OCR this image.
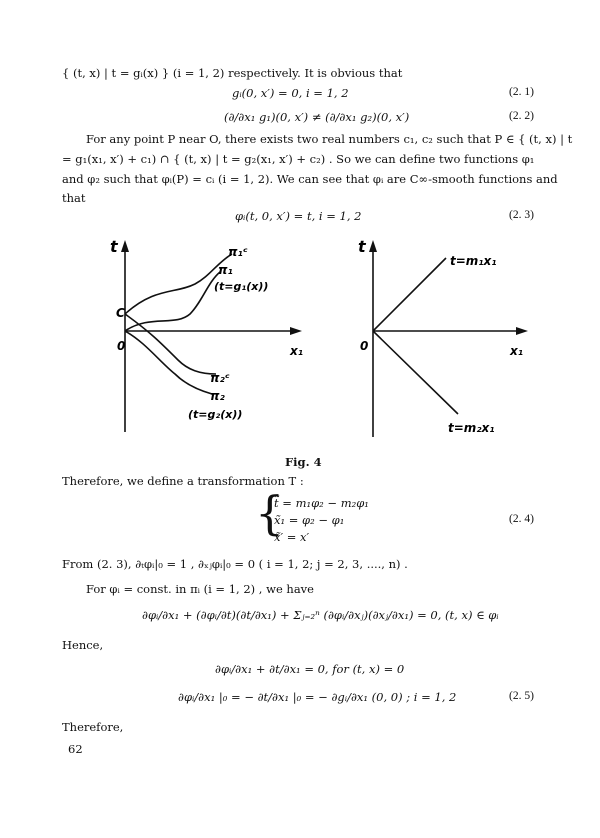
{ (t, x) | t = gᵢ(x) } (i = 1, 2) respectively. It is obvious that
gᵢ(0, x′) = 0, i = 1, 2	(2. 1)
(∂/∂x₁ g₁)(0, x′) ≠ (∂/∂x₁ g₂)(0, x′)	(2. 2)
For any point P near O, there exists two real numbers c₁, c₂ such that P ∈ { (t, x) | t
= g₁(x₁, x′) + c₁) ∩ { (t, x) | t = g₂(x₁, x′) + c₂) . So we can define two functions φ₁
and φ₂ such that φᵢ(P) = cᵢ (i = 1, 2). We can see that φᵢ are C∞-smooth functions and
that
φᵢ(t, 0, x′) = t, i = 1, 2	(2. 3)
t
x₁
0
C
π₁ᶜ
π₁
(t=g₁(x))
π₂ᶜ
π₂
(t=g₂(x))
t
x₁
0
t=m₁x₁
t=m₂x₁
Fig. 4
Therefore, we define a transformation T :
{
t̃ = m₁φ₂ − m₂φ₁
x̃₁ = φ₂ − φ₁
x̃′ = x′
(2. 4)
From (2. 3), ∂ₜφᵢ|₀ = 1 , ∂ₓⱼφᵢ|₀ = 0 ( i = 1, 2; j = 2, 3, ...., n) .
For φᵢ = const. in πᵢ (i = 1, 2) , we have
∂φᵢ/∂x₁ + (∂φᵢ/∂t)(∂t/∂x₁) + Σⱼ₌₂ⁿ (∂φᵢ/∂xⱼ)(∂xⱼ/∂x₁) = 0, (t, x) ∈ φᵢ
Hence,
∂φᵢ/∂x₁ + ∂t/∂x₁ = 0, for (t, x) = 0
∂φᵢ/∂x₁ |₀ = − ∂t/∂x₁ |₀ = − ∂gᵢ/∂x₁ (0, 0) ; i = 1, 2	(2. 5)
Therefore,
62
